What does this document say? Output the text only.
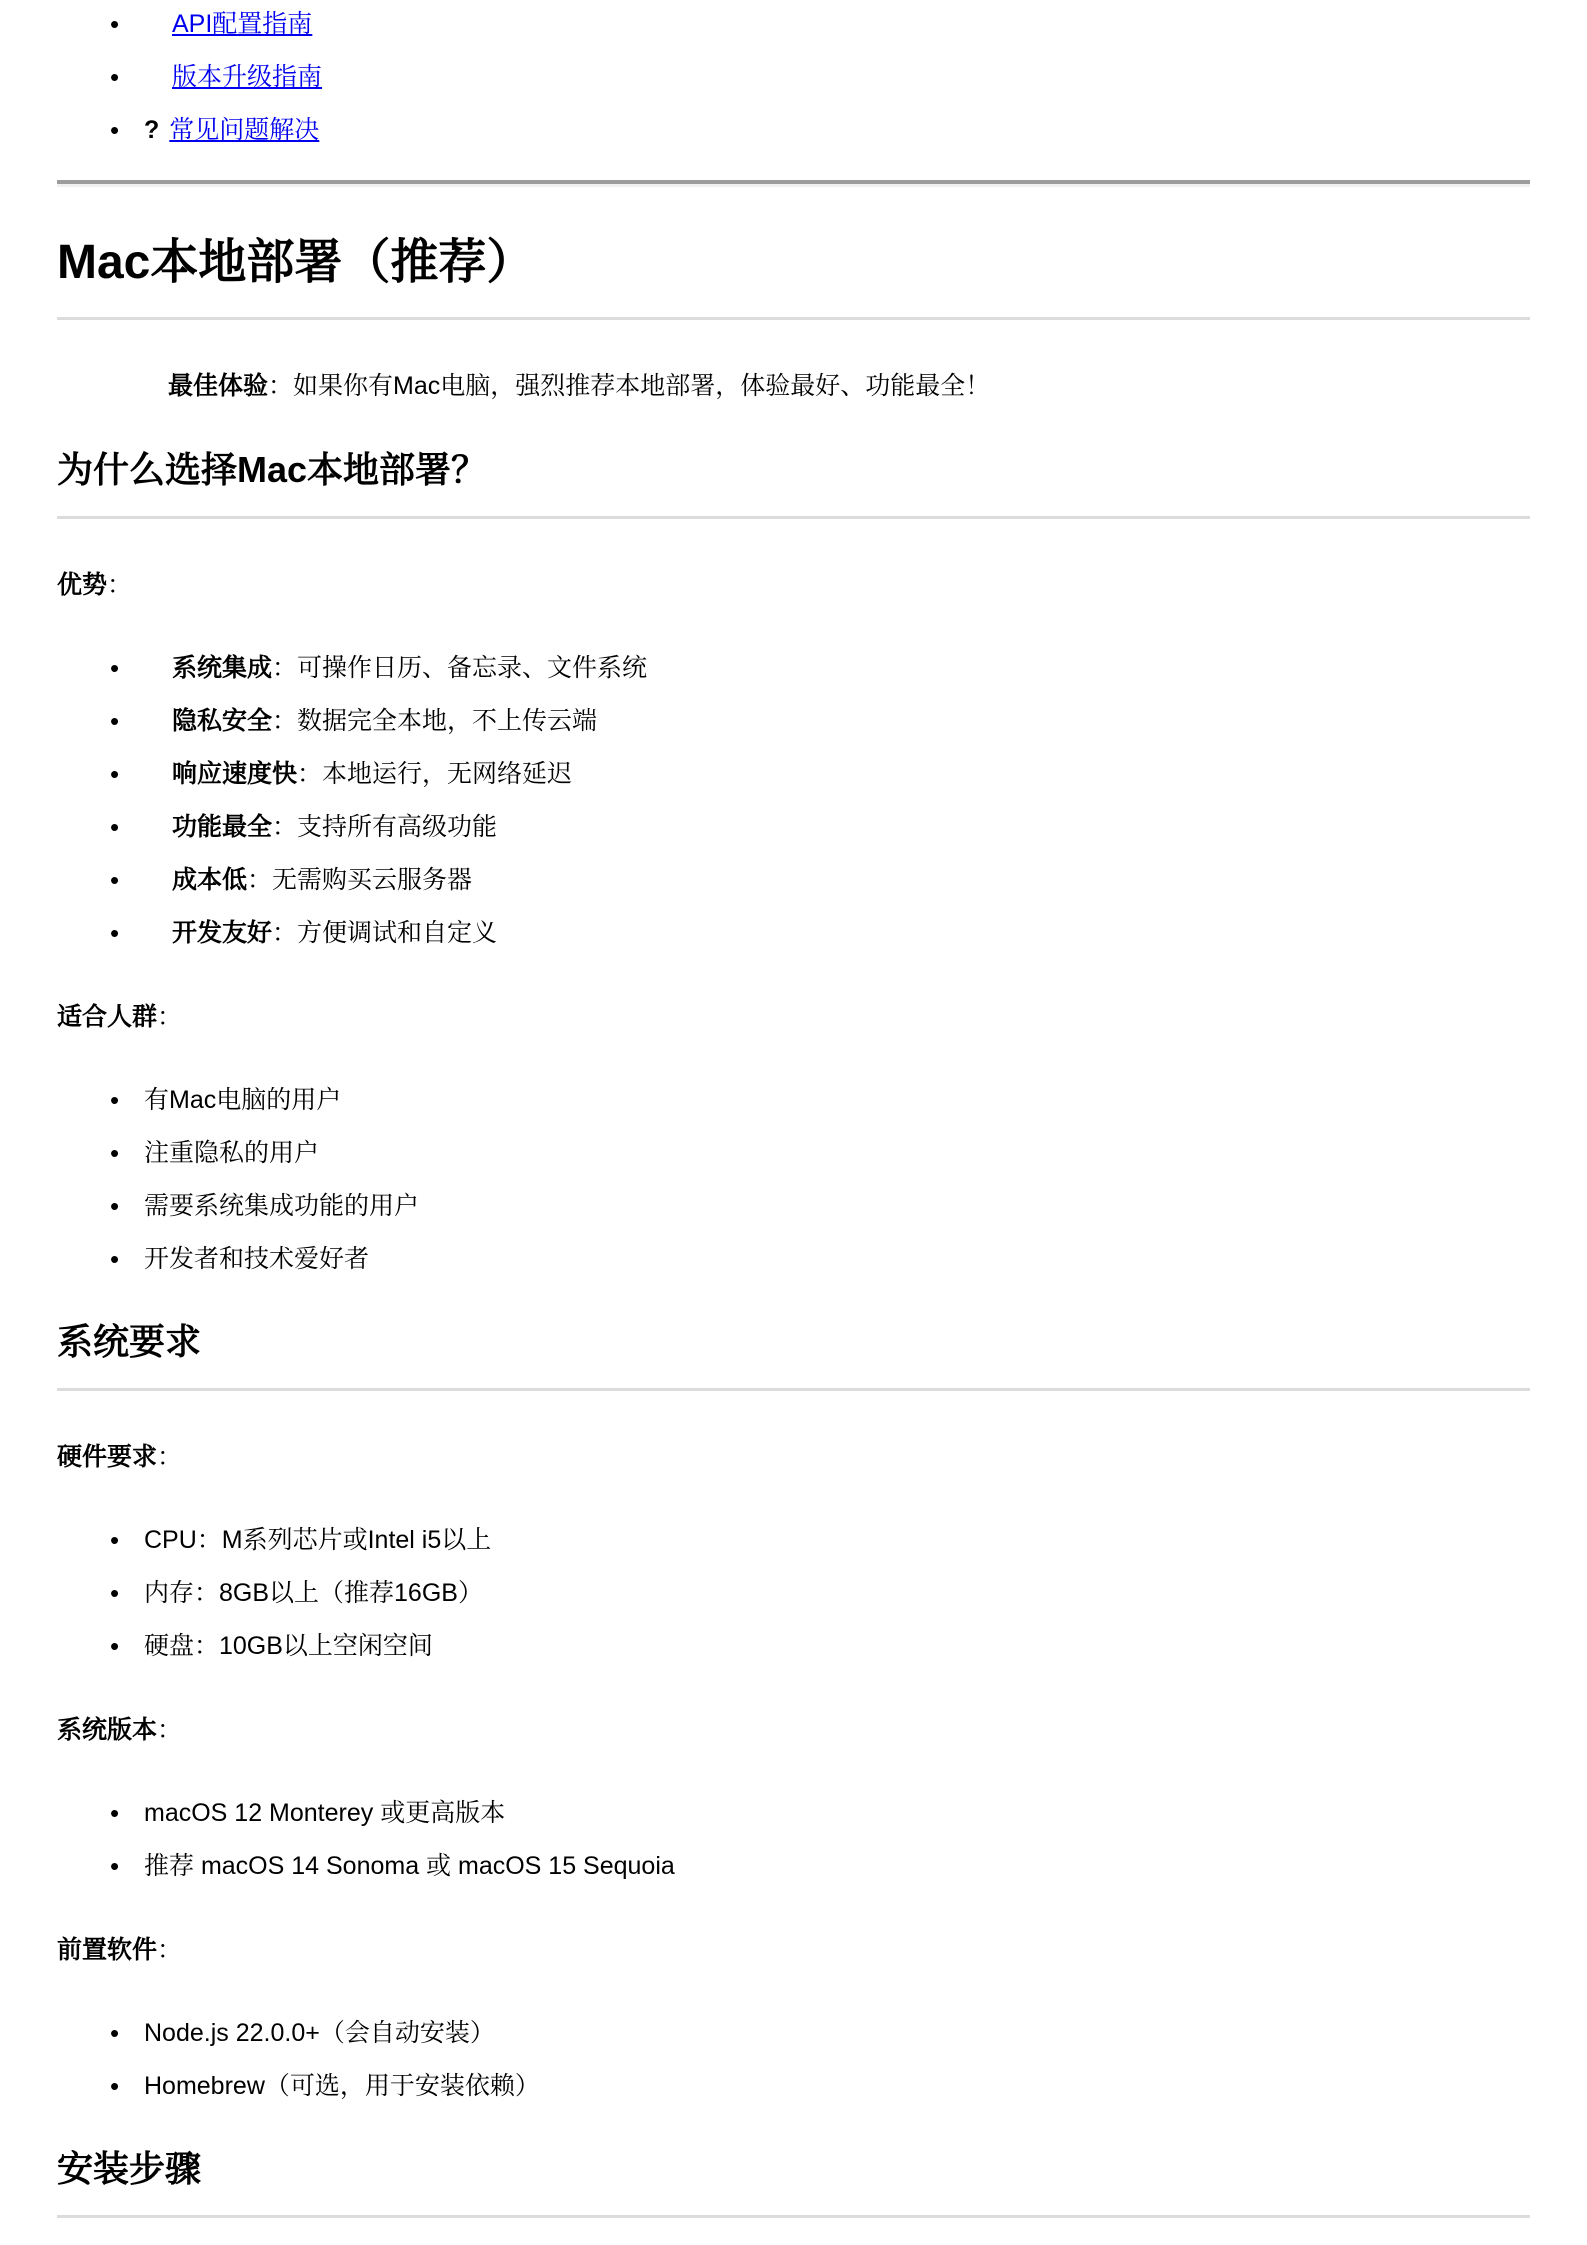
• API配置指南
• 版本升级指南
• ? 常见问题解决
Mac本地部署（推荐）

最佳体验：如果你有Mac电脑，强烈推荐本地部署，体验最好、功能最全！

为什么选择Mac本地部署？

优势：

• 系统集成：可操作日历、备忘录、文件系统
• 隐私安全：数据完全本地，不上传云端
• 响应速度快：本地运行，无网络延迟
• 功能最全：支持所有高级功能
• 成本低：无需购买云服务器
• 开发友好：方便调试和自定义

适合人群：

• 有Mac电脑的用户
• 注重隐私的用户
• 需要系统集成功能的用户
• 开发者和技术爱好者
系统要求

硬件要求：

• CPU：M系列芯片或Intel i5以上
• 内存：8GB以上（推荐16GB）
• 硬盘：10GB以上空闲空间

系统版本：

• macOS 12 Monterey 或更高版本
• 推荐 macOS 14 Sonoma 或 macOS 15 Sequoia

前置软件：

• Node.js 22.0.0+（会自动安装）
• Homebrew（可选，用于安装依赖）
安装步骤
